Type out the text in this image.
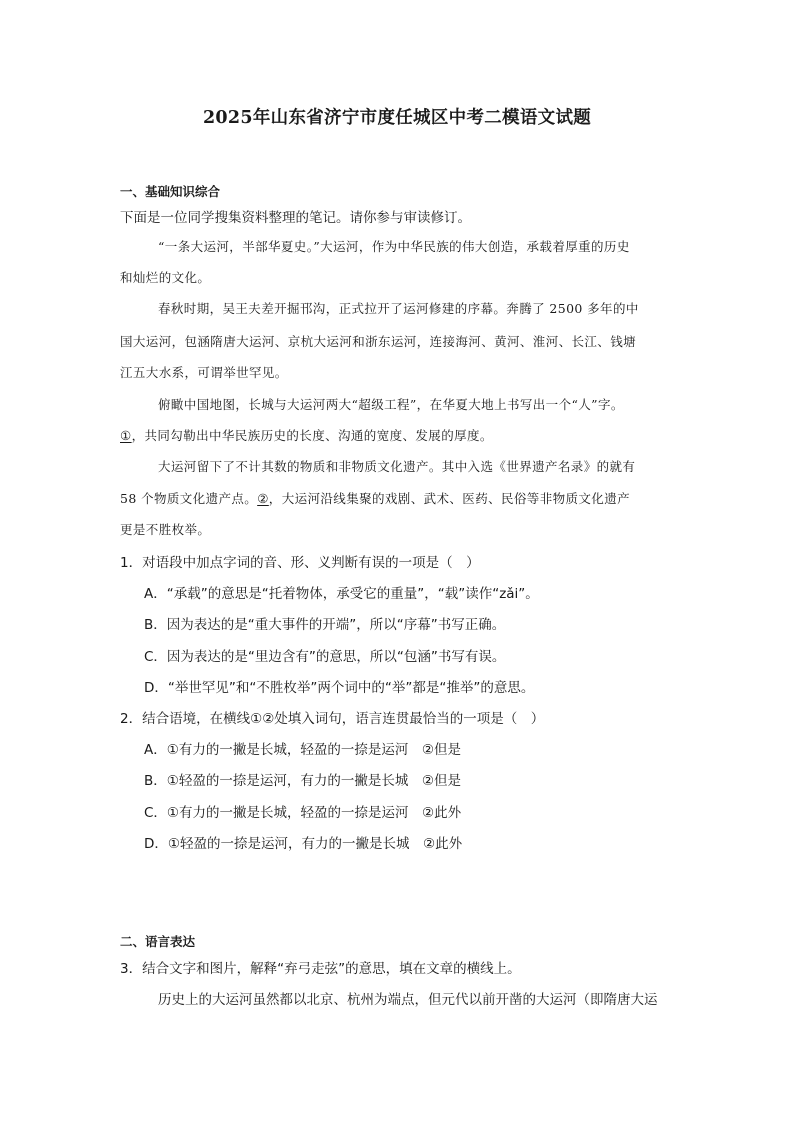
2025年山东省济宁市度任城区中考二模语文试题
一、基础知识综合
下面是一位同学搜集资料整理的笔记。请你参与审读修订。
“一条大运河，半部华夏史。”大运河，作为中华民族的伟大创造，承载着厚重的历史
和灿烂的文化。
春秋时期，吴王夫差开掘邗沟，正式拉开了运河修建的序幕。奔腾了 2500 多年的中
国大运河，包涵隋唐大运河、京杭大运河和浙东运河，连接海河、黄河、淮河、长江、钱塘
江五大水系，可谓举世罕见。
俯瞰中国地图，长城与大运河两大“超级工程”，在华夏大地上书写出一个“人”字。
①，共同勾勒出中华民族历史的长度、沟通的宽度、发展的厚度。
大运河留下了不计其数的物质和非物质文化遗产。其中入选《世界遗产名录》的就有
58 个物质文化遗产点。②，大运河沿线集聚的戏剧、武术、医药、民俗等非物质文化遗产
更是不胜枚举。
1．对语段中加点字词的音、形、义判断有误的一项是（　）
A．“承载”的意思是“托着物体，承受它的重量”，“载”读作“zǎi”。
B．因为表达的是“重大事件的开端”，所以“序幕”书写正确。
C．因为表达的是“里边含有”的意思，所以“包涵”书写有误。
D．“举世罕见”和“不胜枚举”两个词中的“举”都是“推举”的意思。
2．结合语境，在横线①②处填入词句，语言连贯最恰当的一项是（　）
A．①有力的一撇是长城，轻盈的一捺是运河　②但是
B．①轻盈的一捺是运河，有力的一撇是长城　②但是
C．①有力的一撇是长城，轻盈的一捺是运河　②此外
D．①轻盈的一捺是运河，有力的一撇是长城　②此外
二、语言表达
3．结合文字和图片，解释“弃弓走弦”的意思，填在文章的横线上。
历史上的大运河虽然都以北京、杭州为端点，但元代以前开凿的大运河（即隋唐大运
